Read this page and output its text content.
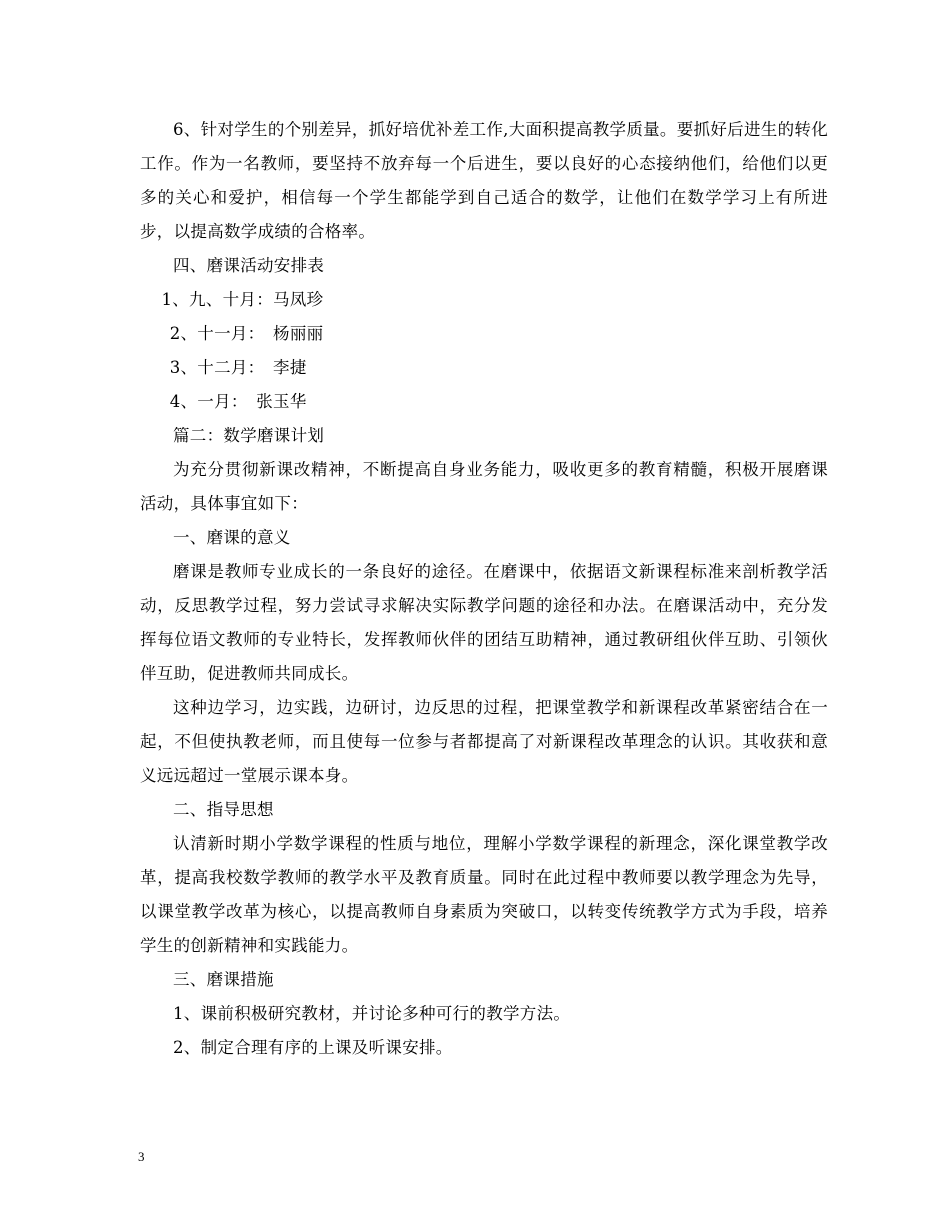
6、针对学生的个别差异，抓好培优补差工作,大面积提高教学质量。要抓好后进生的转化工作。作为一名教师，要坚持不放弃每一个后进生，要以良好的心态接纳他们，给他们以更多的关心和爱护，相信每一个学生都能学到自己适合的数学，让他们在数学学习上有所进步，以提高数学成绩的合格率。

四、磨课活动安排表

1、九、十月：马凤珍

2、十一月：　杨丽丽

3、十二月：　李捷

4、一月：　张玉华

篇二：数学磨课计划

为充分贯彻新课改精神，不断提高自身业务能力，吸收更多的教育精髓，积极开展磨课活动，具体事宜如下：

一、磨课的意义

磨课是教师专业成长的一条良好的途径。在磨课中，依据语文新课程标准来剖析教学活动，反思教学过程，努力尝试寻求解决实际教学问题的途径和办法。在磨课活动中，充分发挥每位语文教师的专业特长，发挥教师伙伴的团结互助精神，通过教研组伙伴互助、引领伙伴互助，促进教师共同成长。

这种边学习，边实践，边研讨，边反思的过程，把课堂教学和新课程改革紧密结合在一起，不但使执教老师，而且使每一位参与者都提高了对新课程改革理念的认识。其收获和意义远远超过一堂展示课本身。

二、指导思想

认清新时期小学数学课程的性质与地位，理解小学数学课程的新理念，深化课堂教学改革，提高我校数学教师的教学水平及教育质量。同时在此过程中教师要以教学理念为先导，以课堂教学改革为核心，以提高教师自身素质为突破口，以转变传统教学方式为手段，培养学生的创新精神和实践能力。

三、磨课措施

1、课前积极研究教材，并讨论多种可行的教学方法。

2、制定合理有序的上课及听课安排。

3
